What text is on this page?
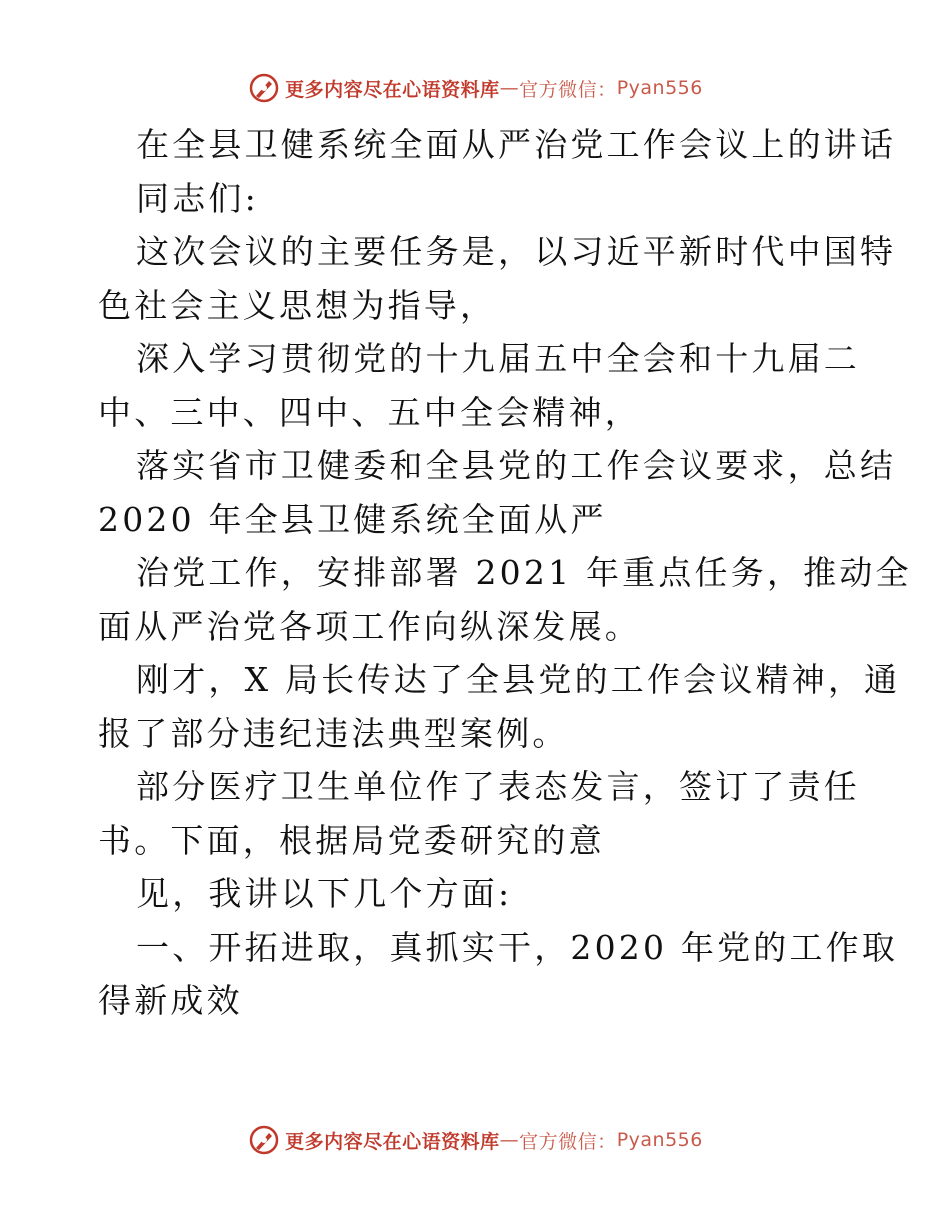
更多内容尽在心语资料库 — 官方微信： Pyan556
在全县卫健系统全面从严治党工作会议上的讲话
同志们:
这次会议的主要任务是，以习近平新时代中国特
色社会主义思想为指导，
深入学习贯彻党的十九届五中全会和十九届二
中、三中、四中、五中全会精神，
落实省市卫健委和全县党的工作会议要求，总结
2020 年全县卫健系统全面从严
治党工作，安排部署 2021 年重点任务，推动全
面从严治党各项工作向纵深发展。
刚才，X 局长传达了全县党的工作会议精神，通
报了部分违纪违法典型案例。
部分医疗卫生单位作了表态发言，签订了责任
书。下面，根据局党委研究的意
见，我讲以下几个方面:
一、开拓进取，真抓实干，2020 年党的工作取
得新成效
更多内容尽在心语资料库 — 官方微信： Pyan556
